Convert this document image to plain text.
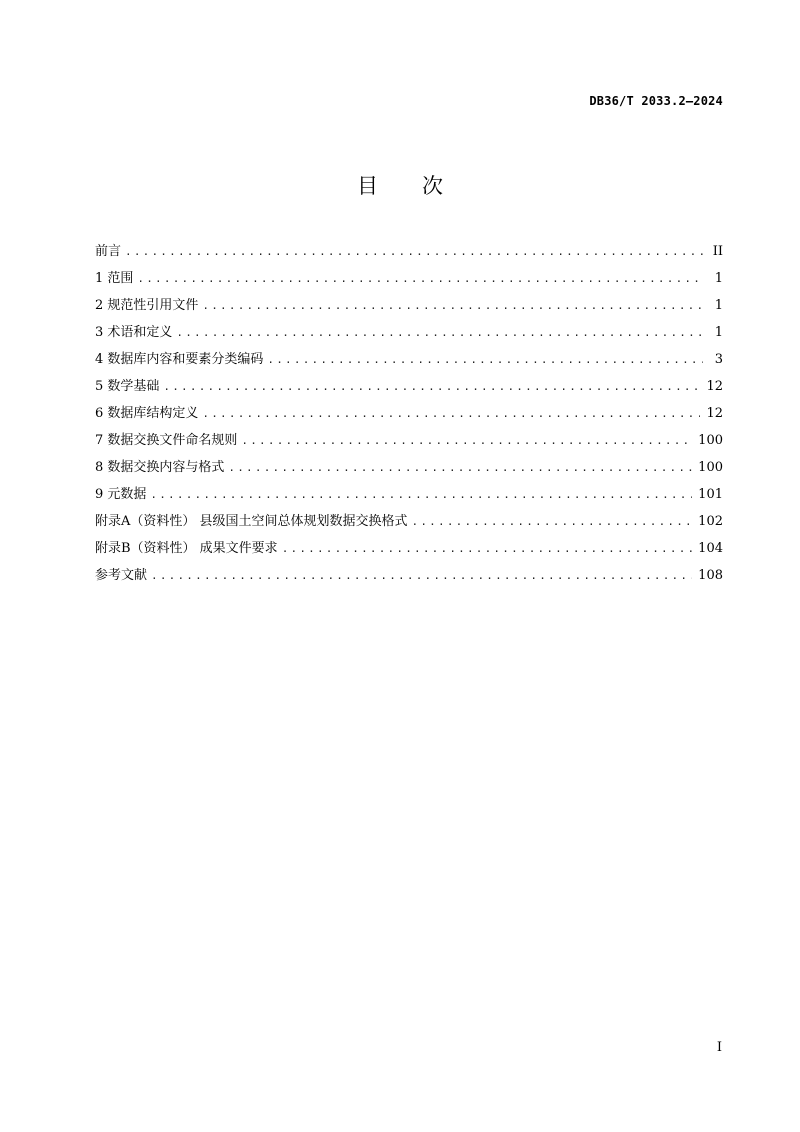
DB36/T 2033.2—2024
目次
前言 .....	II
1 范围 .....	1
2 规范性引用文件 .....	1
3 术语和定义 .....	1
4 数据库内容和要素分类编码 .....	3
5 数学基础 .....	12
6 数据库结构定义 .....	12
7 数据交换文件命名规则 .....	100
8 数据交换内容与格式 .....	100
9 元数据 .....	101
附录A（资料性） 县级国土空间总体规划数据交换格式 .....	102
附录B（资料性） 成果文件要求 .....	104
参考文献 .....	108
I
